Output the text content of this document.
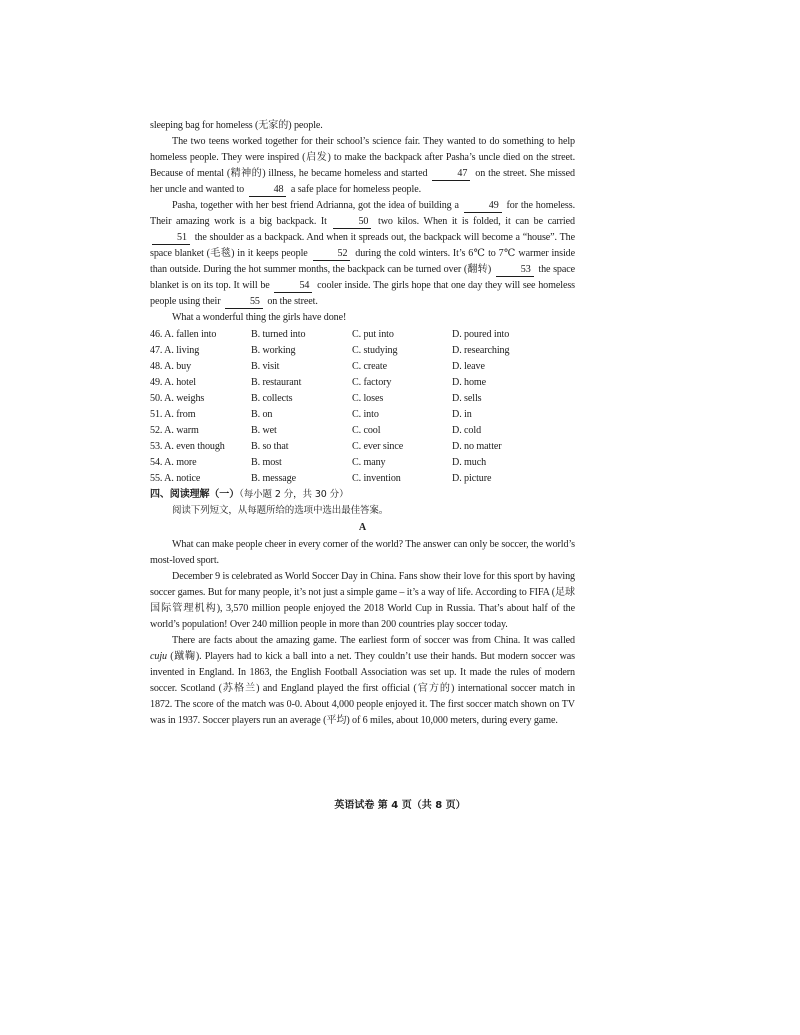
sleeping bag for homeless (无家的) people.

The two teens worked together for their school’s science fair. They wanted to do something to help homeless people. They were inspired (启发) to make the backpack after Pasha’s uncle died on the street. Because of mental (精神的) illness, he became homeless and started	47 on the street. She missed her uncle and wanted to	48 a safe place for homeless people.

Pasha, together with her best friend Adrianna, got the idea of building a	49 for the homeless. Their amazing work is a big backpack. It	50 two kilos. When it is folded, it can be carried 51 the shoulder as a backpack. And when it spreads out, the backpack will become a “house”. The space blanket (毛毯) in it keeps people	52 during the cold winters. It’s 6℃ to 7℃ warmer inside than outside. During the hot summer months, the backpack can be turned over (翻转)	53 the space blanket is on its top. It will be	54 cooler inside. The girls hope that one day they will see homeless people using their	55 on the street.

What a wonderful thing the girls have done!

46. A. fallen into	B. turned into	C. put into	D. poured into
47. A. living	B. working	C. studying	D. researching
48. A. buy	B. visit	C. create	D. leave
49. A. hotel	B. restaurant	C. factory	D. home
50. A. weighs	B. collects	C. loses	D. sells
51. A. from	B. on	C. into	D. in
52. A. warm	B. wet	C. cool	D. cold
53. A. even though	B. so that	C. ever since	D. no matter
54. A. more	B. most	C. many	D. much
55. A. notice	B. message	C. invention	D. picture
四、阅读理解（一）（每小题 2 分，共 30 分）

阅读下列短文，从每题所给的选项中选出最佳答案。

A

What can make people cheer in every corner of the world? The answer can only be soccer, the world’s most-loved sport.

December 9 is celebrated as World Soccer Day in China. Fans show their love for this sport by having soccer games. But for many people, it’s not just a simple game – it’s a way of life. According to FIFA (足球国际管理机构), 3,570 million people enjoyed the 2018 World Cup in Russia. That’s about half of the world’s population! Over 240 million people in more than 200 countries play soccer today.

There are facts about the amazing game. The earliest form of soccer was from China. It was called cuju (蹴鞠). Players had to kick a ball into a net. They couldn’t use their hands. But modern soccer was invented in England. In 1863, the English Football Association was set up. It made the rules of modern soccer. Scotland (苏格兰) and England played the first official (官方的) international soccer match in 1872. The score of the match was 0-0. About 4,000 people enjoyed it. The first soccer match shown on TV was in 1937. Soccer players run an average (平均) of 6 miles, about 10,000 meters, during every game.

英语试卷 第 4 页（共 8 页）
